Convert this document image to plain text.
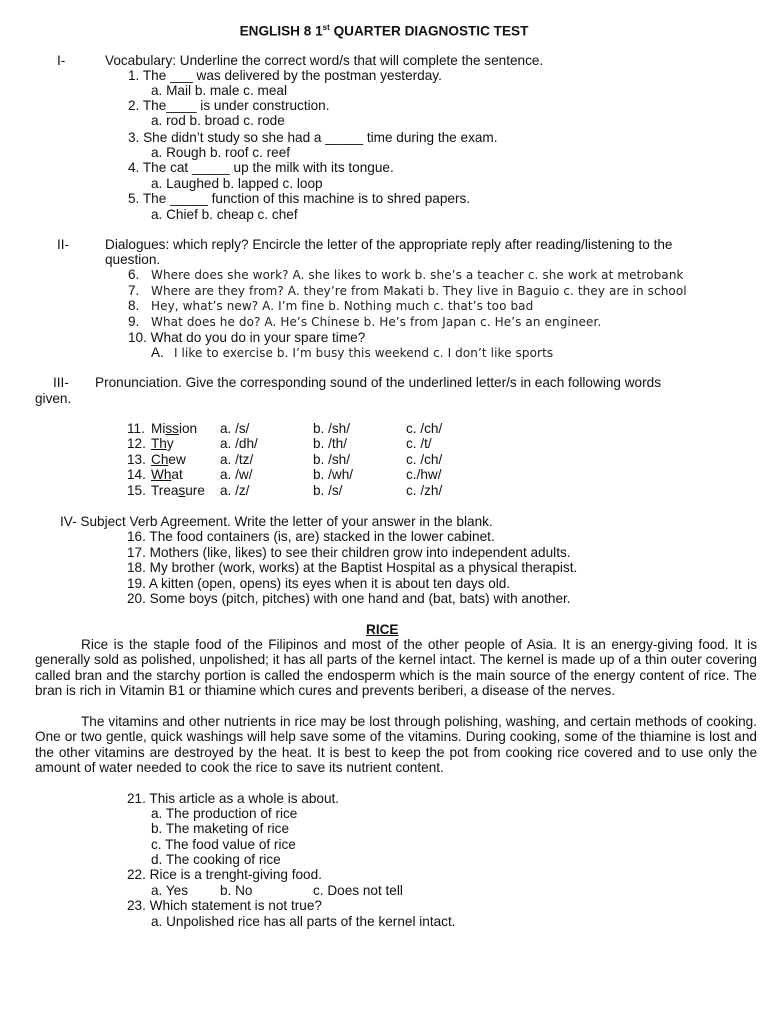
ENGLISH 8 1st QUARTER DIAGNOSTIC TEST
I-	Vocabulary: Underline the correct word/s that will complete the sentence.
1. The ___ was delivered by the postman yesterday.
a. Mail b. male c. meal
2. The____ is under construction.
a. rod b. broad c. rode
3. She didn’t study so she had a _____ time during the exam.
a. Rough b. roof c. reef
4. The cat _____ up the milk with its tongue.
a. Laughed b. lapped c. loop
5. The _____ function of this machine is to shred papers.
a. Chief b. cheap c. chef
II-	Dialogues: which reply? Encircle the letter of the appropriate reply after reading/listening to the
question.
6. Where does she work? A. she likes to work b. she’s a teacher c. she work at metrobank
7. Where are they from? A. they’re from Makati b. They live in Baguio c. they are in school
8. Hey, what’s new? A. I’m fine b. Nothing much c. that’s too bad
9. What does he do? A. He’s Chinese b. He’s from Japan c. He’s an engineer.
10. What do you do in your spare time?
A. I like to exercise b. I’m busy this weekend c. I don’t like sports
III- Pronunciation. Give the corresponding sound of the underlined letter/s in each following words
given.
11. Mission a. /s/	b. /sh/	c. /ch/
12. Thy	a. /dh/	b. /th/	c. /t/
13. Chew	a. /tz/	b. /sh/	c. /ch/
14. What	a. /w/	b. /wh/	c./hw/
15. Treasure a. /z/	b. /s/	c. /zh/
IV- Subject Verb Agreement. Write the letter of your answer in the blank.
16. The food containers (is, are) stacked in the lower cabinet.
17. Mothers (like, likes) to see their children grow into independent adults.
18. My brother (work, works) at the Baptist Hospital as a physical therapist.
19. A kitten (open, opens) its eyes when it is about ten days old.
20. Some boys (pitch, pitches) with one hand and (bat, bats) with another.
RICE
Rice is the staple food of the Filipinos and most of the other people of Asia. It is an energy-giving food. It is generally sold as polished, unpolished; it has all parts of the kernel intact. The kernel is made up of a thin outer covering called bran and the starchy portion is called the endosperm which is the main source of the energy content of rice. The bran is rich in Vitamin B1 or thiamine which cures and prevents beriberi, a disease of the nerves.
The vitamins and other nutrients in rice may be lost through polishing, washing, and certain methods of cooking. One or two gentle, quick washings will help save some of the vitamins. During cooking, some of the thiamine is lost and the other vitamins are destroyed by the heat. It is best to keep the pot from cooking rice covered and to use only the amount of water needed to cook the rice to save its nutrient content.
21. This article as a whole is about.
a. The production of rice
b. The maketing of rice
c. The food value of rice
d. The cooking of rice
22. Rice is a trenght-giving food.
a. Yes b. No	c. Does not tell
23. Which statement is not true?
a. Unpolished rice has all parts of the kernel intact.
